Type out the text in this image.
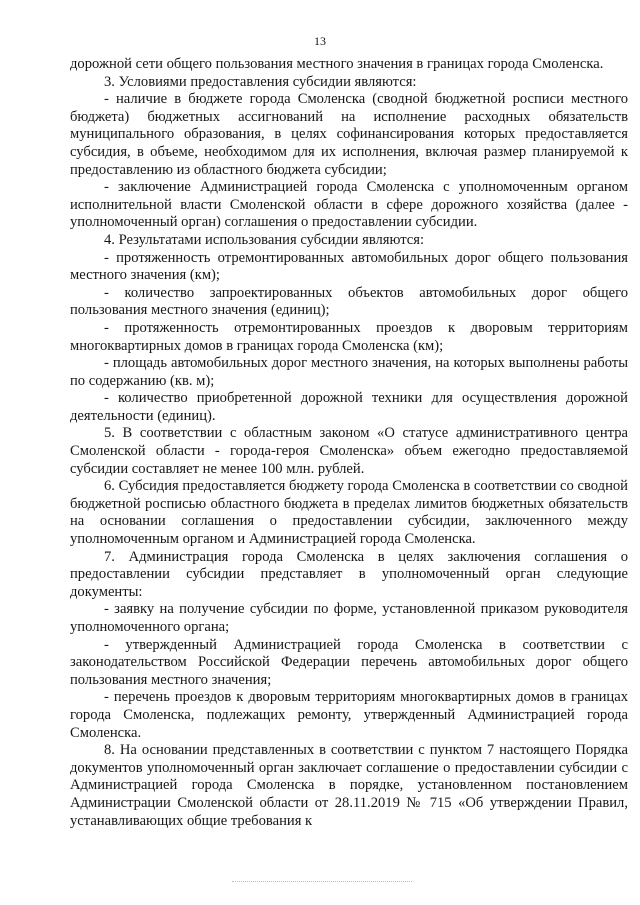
13

дорожной сети общего пользования местного значения в границах города Смоленска.

3. Условиями предоставления субсидии являются:

- наличие в бюджете города Смоленска (сводной бюджетной росписи местного бюджета) бюджетных ассигнований на исполнение расходных обязательств муниципального образования, в целях софинансирования которых предоставляется субсидия, в объеме, необходимом для их исполнения, включая размер планируемой к предоставлению из областного бюджета субсидии;

- заключение Администрацией города Смоленска с уполномоченным органом исполнительной власти Смоленской области в сфере дорожного хозяйства (далее - уполномоченный орган) соглашения о предоставлении субсидии.

4. Результатами использования субсидии являются:

- протяженность отремонтированных автомобильных дорог общего пользования местного значения (км);

- количество запроектированных объектов автомобильных дорог общего пользования местного значения (единиц);

- протяженность отремонтированных проездов к дворовым территориям многоквартирных домов в границах города Смоленска (км);

- площадь автомобильных дорог местного значения, на которых выполнены работы по содержанию (кв. м);

- количество приобретенной дорожной техники для осуществления дорожной деятельности (единиц).

5. В соответствии с областным законом «О статусе административного центра Смоленской области - города-героя Смоленска» объем ежегодно предоставляемой субсидии составляет не менее 100 млн. рублей.

6. Субсидия предоставляется бюджету города Смоленска в соответствии со сводной бюджетной росписью областного бюджета в пределах лимитов бюджетных обязательств на основании соглашения о предоставлении субсидии, заключенного между уполномоченным органом и Администрацией города Смоленска.

7. Администрация города Смоленска в целях заключения соглашения о предоставлении субсидии представляет в уполномоченный орган следующие документы:

- заявку на получение субсидии по форме, установленной приказом руководителя уполномоченного органа;

- утвержденный Администрацией города Смоленска в соответствии с законодательством Российской Федерации перечень автомобильных дорог общего пользования местного значения;

- перечень проездов к дворовым территориям многоквартирных домов в границах города Смоленска, подлежащих ремонту, утвержденный Администрацией города Смоленска.

8. На основании представленных в соответствии с пунктом 7 настоящего Порядка документов уполномоченный орган заключает соглашение о предоставлении субсидии с Администрацией города Смоленска в порядке, установленном постановлением Администрации Смоленской области от 28.11.2019 № 715 «Об утверждении Правил, устанавливающих общие требования к
